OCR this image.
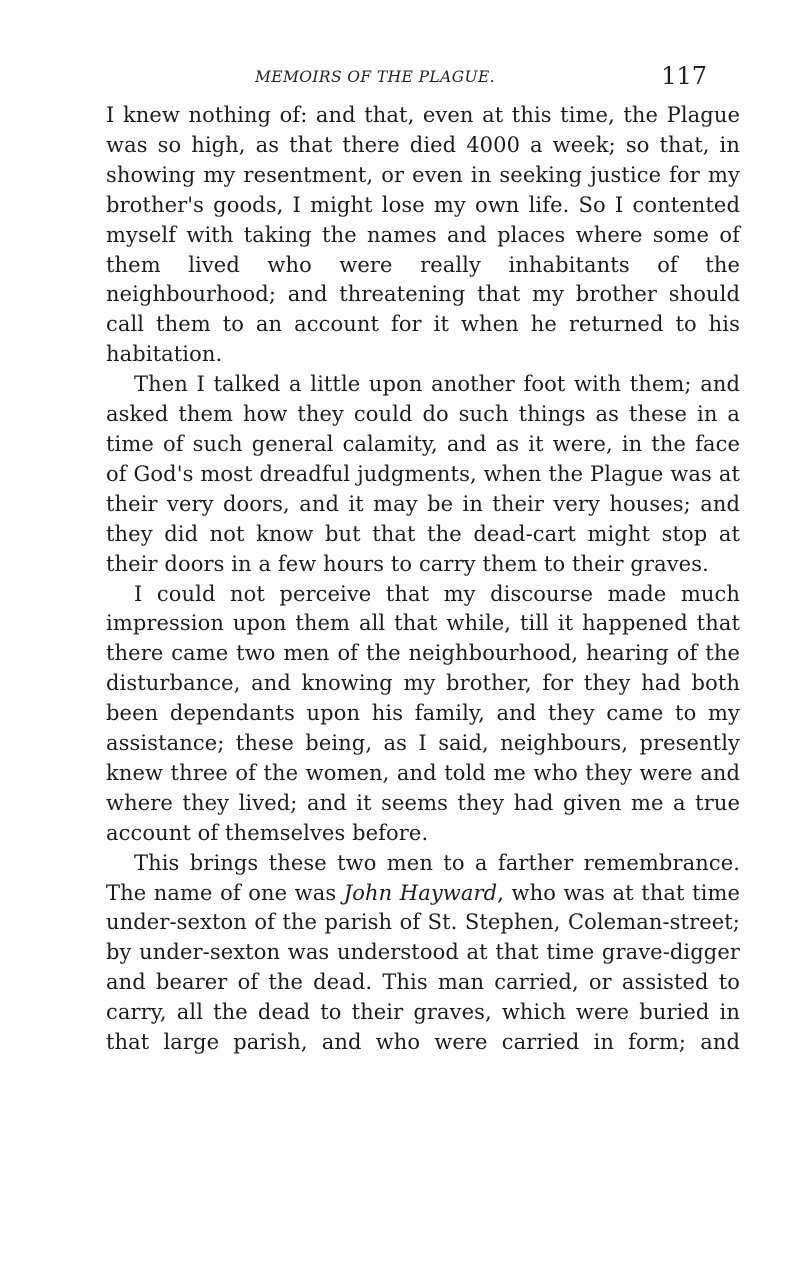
MEMOIRS OF THE PLAGUE.	117

I knew nothing of: and that, even at this time, the Plague was so high, as that there died 4000 a week; so that, in showing my resentment, or even in seeking justice for my brother's goods, I might lose my own life. So I contented myself with taking the names and places where some of them lived who were really inhabitants of the neighbourhood; and threatening that my brother should call them to an account for it when he returned to his habitation.

Then I talked a little upon another foot with them; and asked them how they could do such things as these in a time of such general calamity, and as it were, in the face of God's most dreadful judgments, when the Plague was at their very doors, and it may be in their very houses; and they did not know but that the dead-cart might stop at their doors in a few hours to carry them to their graves.

I could not perceive that my discourse made much impression upon them all that while, till it happened that there came two men of the neighbourhood, hearing of the disturbance, and knowing my brother, for they had both been dependants upon his family, and they came to my assistance; these being, as I said, neighbours, presently knew three of the women, and told me who they were and where they lived; and it seems they had given me a true account of themselves before.

This brings these two men to a farther remembrance. The name of one was John Hayward, who was at that time under-sexton of the parish of St. Stephen, Coleman-street; by under-sexton was understood at that time grave-digger and bearer of the dead. This man carried, or assisted to carry, all the dead to their graves, which were buried in that large parish, and who were carried in form; and
